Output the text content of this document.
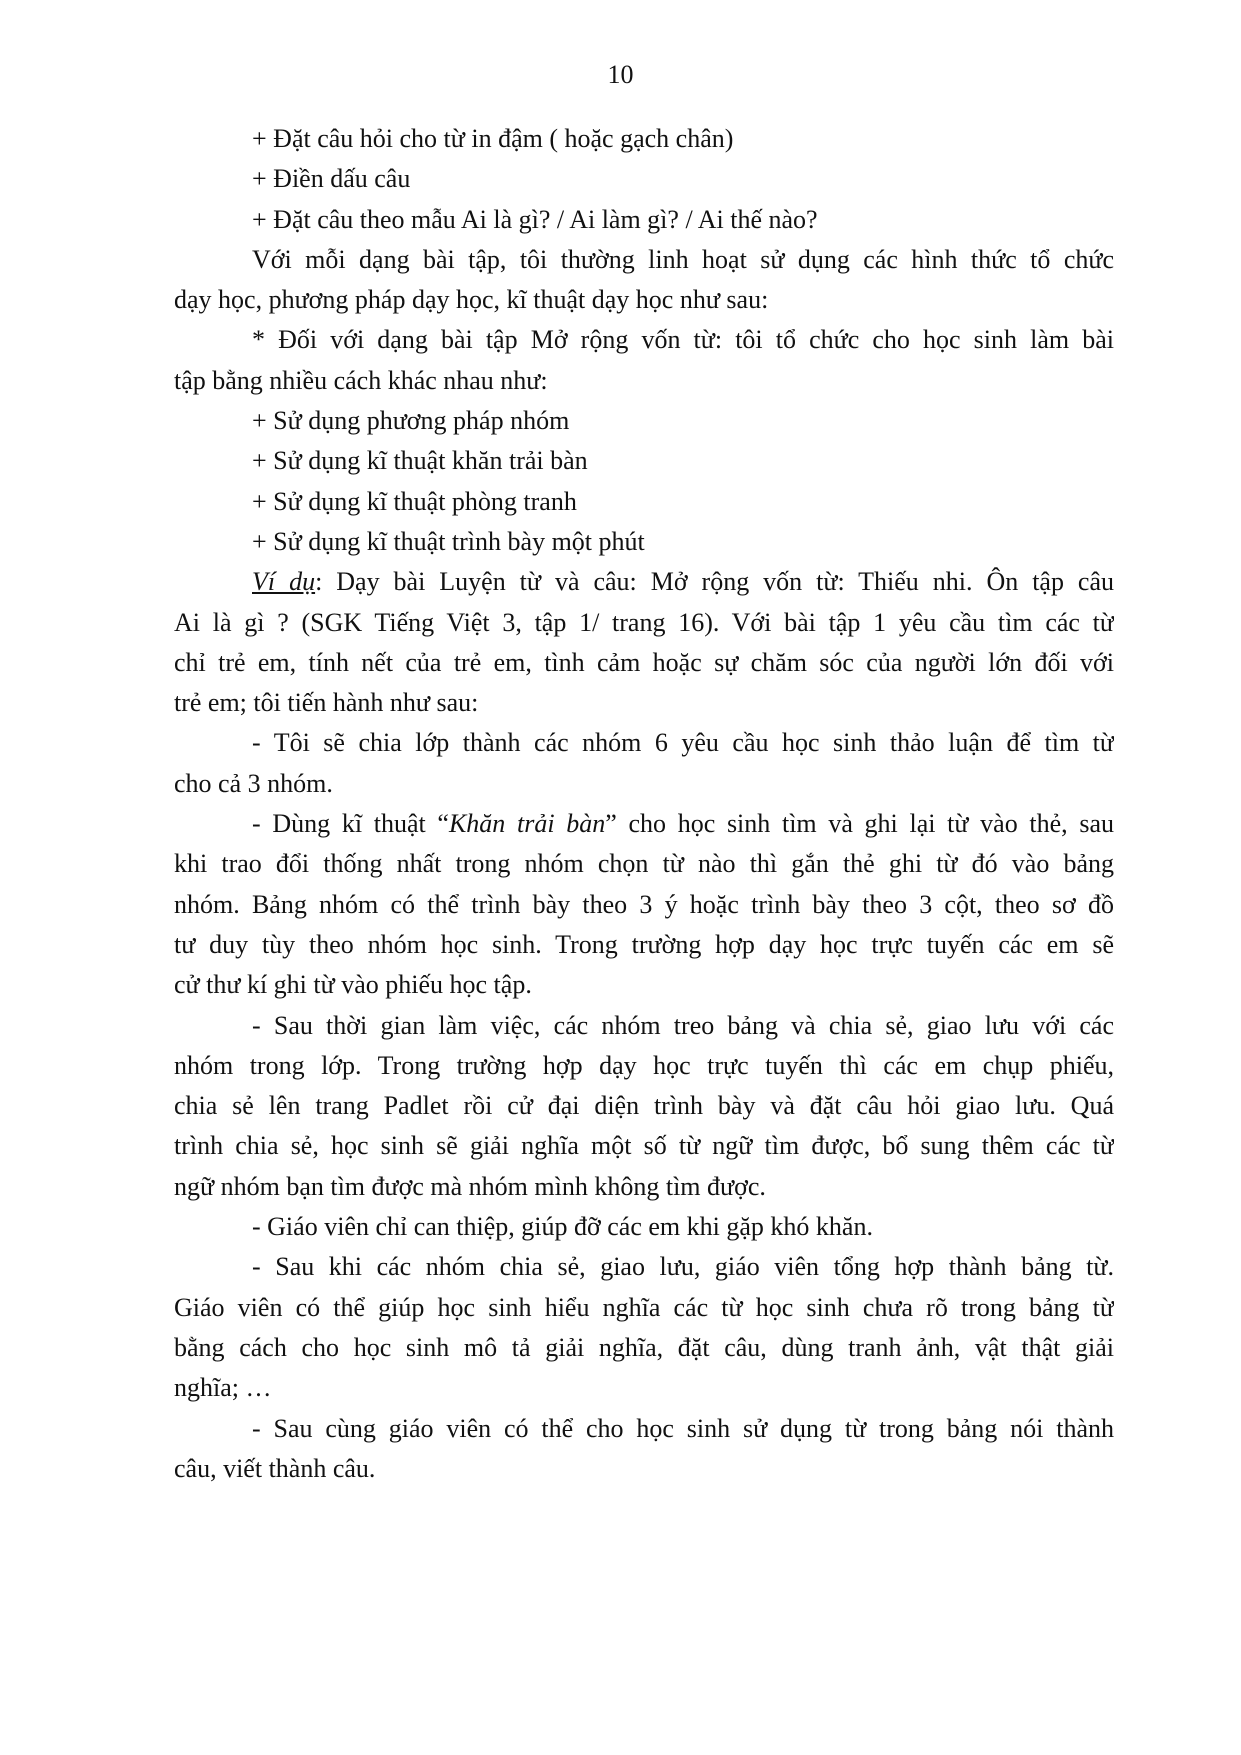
10
+ Đặt câu hỏi cho từ in đậm ( hoặc gạch chân)
+ Điền dấu câu
+ Đặt câu theo mẫu Ai là gì? / Ai làm gì? / Ai thế nào?
Với mỗi dạng bài tập, tôi thường linh hoạt sử dụng các hình thức tổ chức
dạy học, phương pháp dạy học, kĩ thuật dạy học như sau:
* Đối với dạng bài tập Mở rộng vốn từ: tôi tổ chức cho học sinh làm bài
tập bằng nhiều cách khác nhau như:
+ Sử dụng phương pháp nhóm
+ Sử dụng kĩ thuật khăn trải bàn
+ Sử dụng kĩ thuật phòng tranh
+ Sử dụng kĩ thuật trình bày một phút
Ví dụ: Dạy bài Luyện từ và câu: Mở rộng vốn từ: Thiếu nhi. Ôn tập câu
Ai là gì ? (SGK Tiếng Việt 3, tập 1/ trang 16). Với bài tập 1 yêu cầu tìm các từ
chỉ trẻ em, tính nết của trẻ em, tình cảm hoặc sự chăm sóc của người lớn đối với
trẻ em; tôi tiến hành như sau:
- Tôi sẽ chia lớp thành các nhóm 6 yêu cầu học sinh thảo luận để tìm từ
cho cả 3 nhóm.
- Dùng kĩ thuật “Khăn trải bàn” cho học sinh tìm và ghi lại từ vào thẻ, sau
khi trao đổi thống nhất trong nhóm chọn từ nào thì gắn thẻ ghi từ đó vào bảng
nhóm. Bảng nhóm có thể trình bày theo 3 ý hoặc trình bày theo 3 cột, theo sơ đồ
tư duy tùy theo nhóm học sinh. Trong trường hợp dạy học trực tuyến các em sẽ
cử thư kí ghi từ vào phiếu học tập.
- Sau thời gian làm việc, các nhóm treo bảng và chia sẻ, giao lưu với các
nhóm trong lớp. Trong trường hợp dạy học trực tuyến thì các em chụp phiếu,
chia sẻ lên trang Padlet rồi cử đại diện trình bày và đặt câu hỏi giao lưu. Quá
trình chia sẻ, học sinh sẽ giải nghĩa một số từ ngữ tìm được, bổ sung thêm các từ
ngữ nhóm bạn tìm được mà nhóm mình không tìm được.
- Giáo viên chỉ can thiệp, giúp đỡ các em khi gặp khó khăn.
- Sau khi các nhóm chia sẻ, giao lưu, giáo viên tổng hợp thành bảng từ.
Giáo viên có thể giúp học sinh hiểu nghĩa các từ học sinh chưa rõ trong bảng từ
bằng cách cho học sinh mô tả giải nghĩa, đặt câu, dùng tranh ảnh, vật thật giải
nghĩa; …
- Sau cùng giáo viên có thể cho học sinh sử dụng từ trong bảng nói thành
câu, viết thành câu.
